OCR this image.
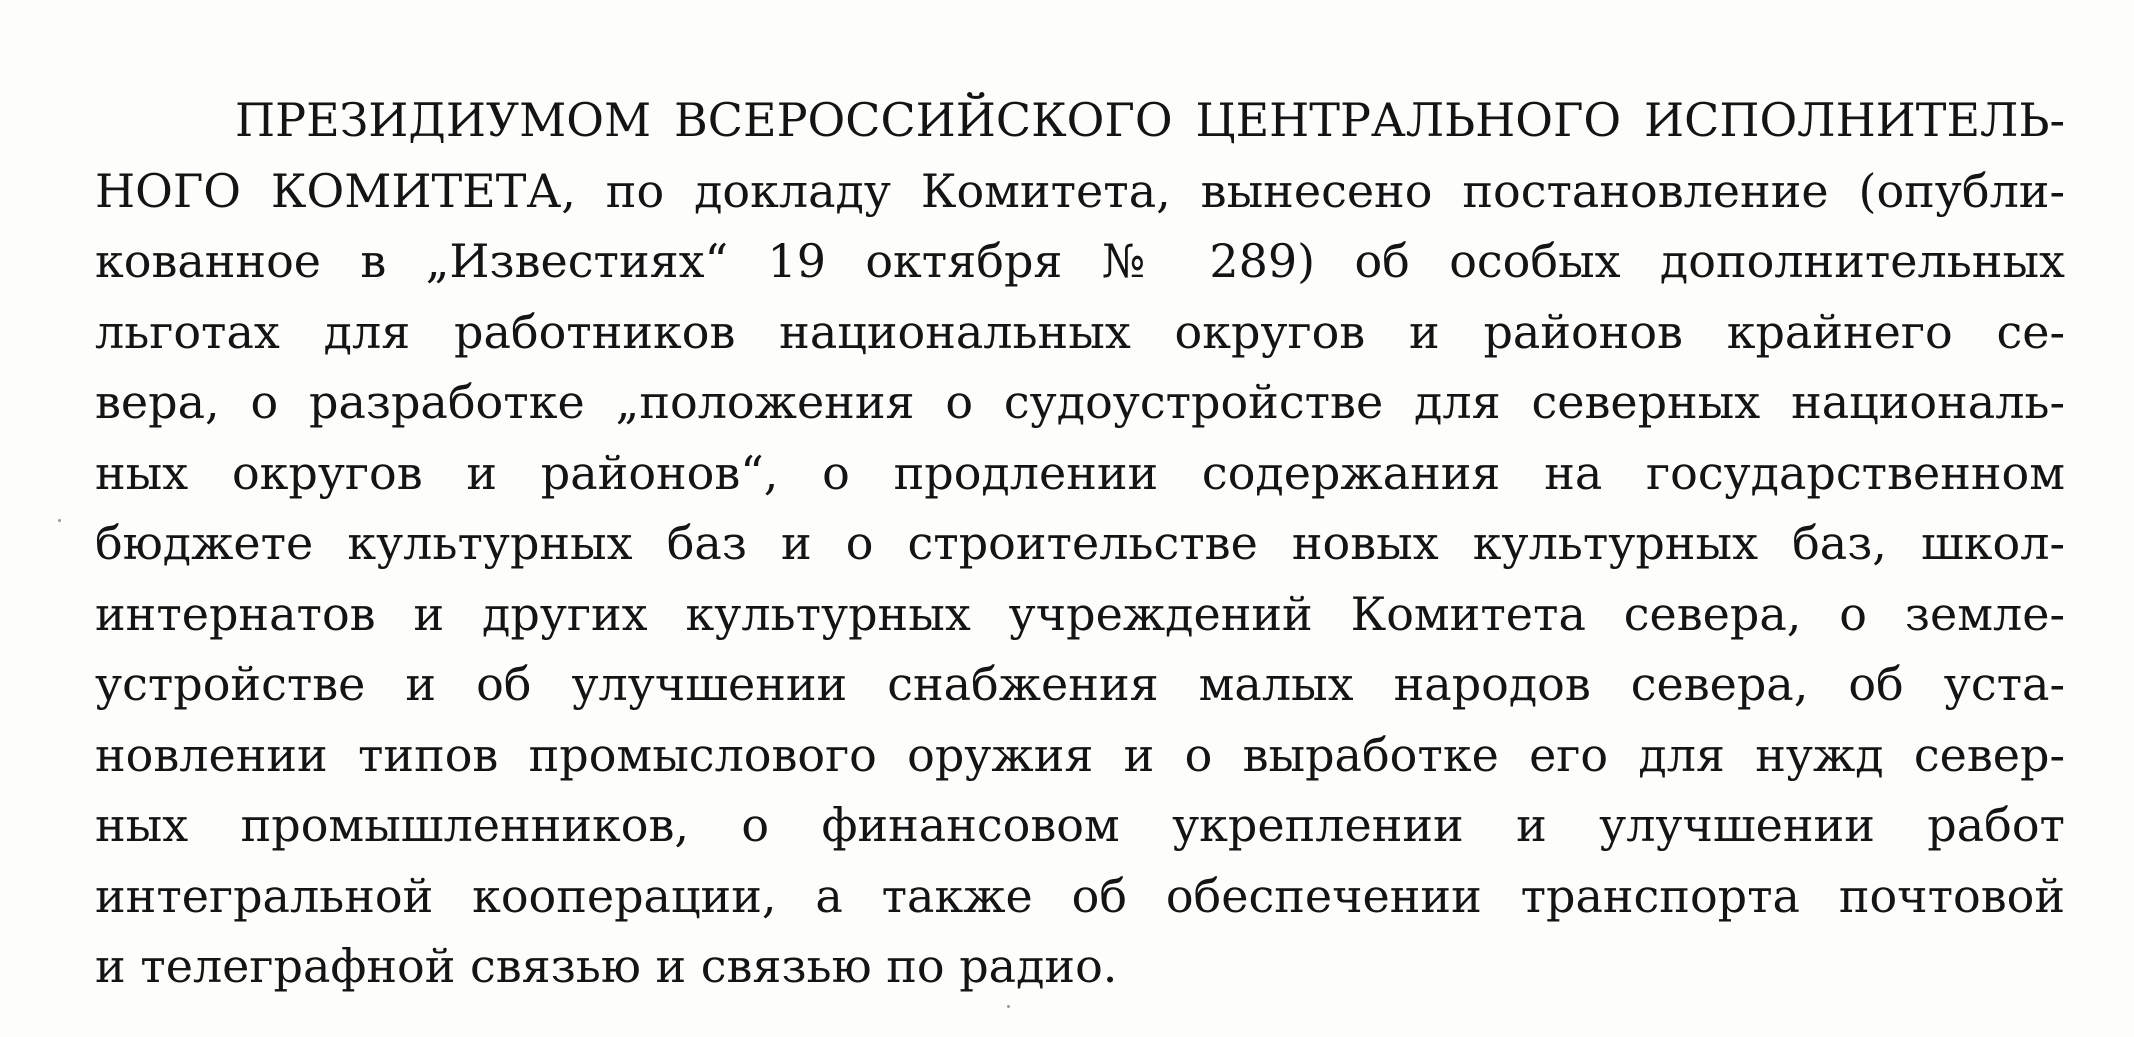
ПРЕЗИДИУМОМ ВСЕРОССИЙСКОГО ЦЕНТРАЛЬНОГО ИСПОЛНИТЕЛЬ-
НОГО КОМИТЕТА, по докладу Комитета, вынесено постановление (опубли-
кованное в „Известиях“ 19 октября № 289) об особых дополнительных
льготах для работников национальных округов и районов крайнего се-
вера, о разработке „положения о судоустройстве для северных националь-
ных округов и районов“, о продлении содержания на государственном
бюджете культурных баз и о строительстве новых культурных баз, школ-
интернатов и других культурных учреждений Комитета севера, о земле-
устройстве и об улучшении снабжения малых народов севера, об уста-
новлении типов промыслового оружия и о выработке его для нужд север-
ных промышленников, о финансовом укреплении и улучшении работ
интегральной кооперации, а также об обеспечении транспорта почтовой
и телеграфной связью и связью по радио.
